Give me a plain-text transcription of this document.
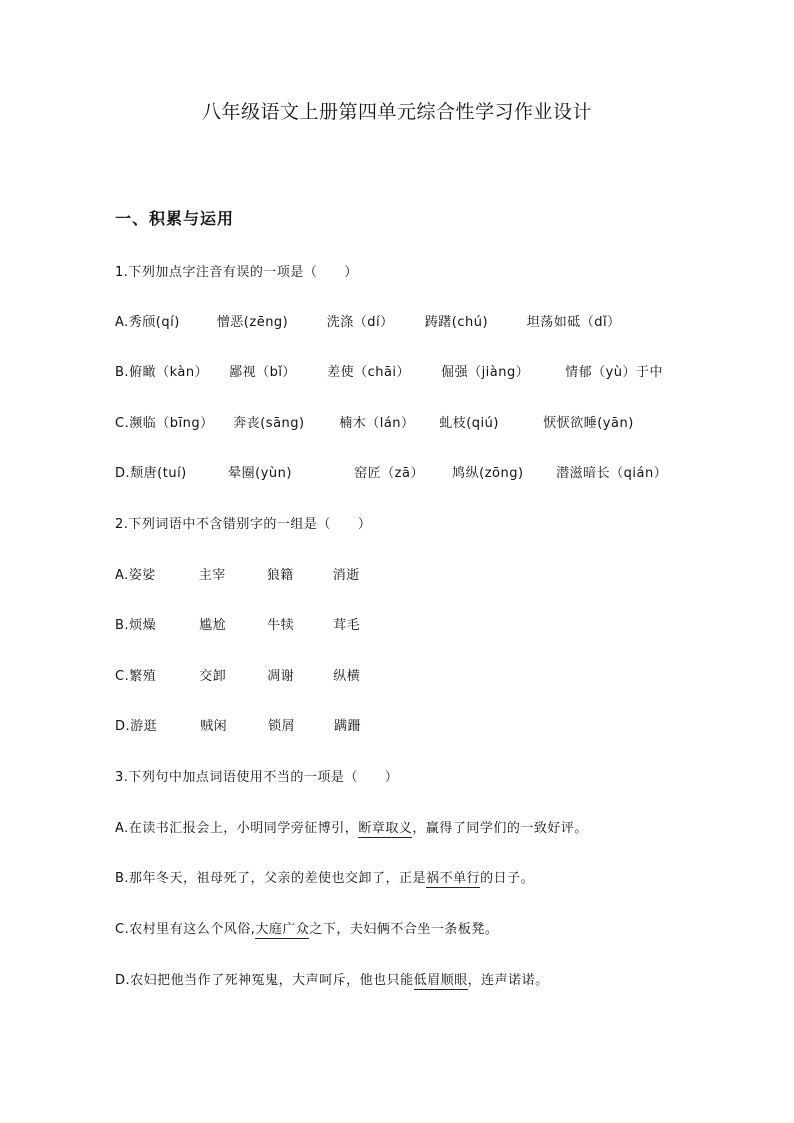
八年级语文上册第四单元综合性学习作业设计
一、积累与运用
1.下列加点字注音有误的一项是（　　）
A.秀颀(qí)	憎恶(zēng)	洗涤（dí） 踌躇(chú)	坦荡如砥（dǐ）
B.俯瞰（kàn） 鄙视（bǐ） 差使（chāi） 倔强（jiàng）	情郁（yù）于中
C.濒临（bīng） 奔丧(sāng)	楠木（lán） 虬枝(qiú)	恹恹欲睡(yān)
D.颓唐(tuí)	晕圈(yùn)	窑匠（zā） 鸠纵(zōng)	潜滋暗长（qián）
2.下列词语中不含错别字的一组是（　　）
A.姿娑	主宰	狼籍	消逝
B.烦燥	尴尬	牛犊	茸毛
C.繁殖	交卸	凋谢	纵横
D.游逛	贼闲	锁屑	蹒跚
3.下列句中加点词语使用不当的一项是（　　）
A.在读书汇报会上，小明同学旁征博引，断章取义，赢得了同学们的一致好评。
B.那年冬天，祖母死了，父亲的差使也交卸了，正是祸不单行的日子。
C.农村里有这么个风俗,大庭广众之下，夫妇俩不合坐一条板凳。
D.农妇把他当作了死神冤鬼，大声呵斥，他也只能低眉顺眼，连声诺诺。
